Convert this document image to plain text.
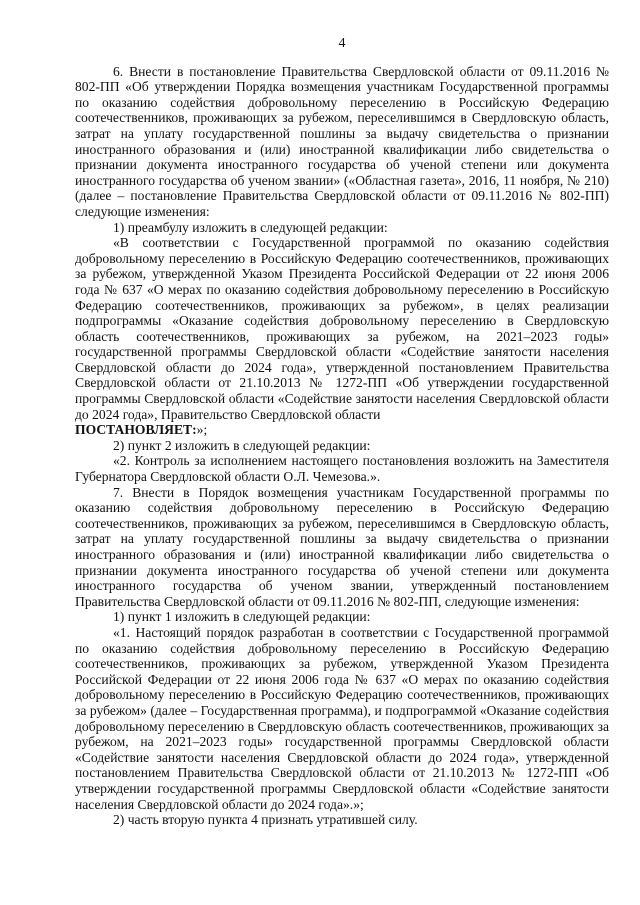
4

6. Внести в постановление Правительства Свердловской области от 09.11.2016 № 802-ПП «Об утверждении Порядка возмещения участникам Государственной программы по оказанию содействия добровольному переселению в Российскую Федерацию соотечественников, проживающих за рубежом, переселившимся в Свердловскую область, затрат на уплату государственной пошлины за выдачу свидетельства о признании иностранного образования и (или) иностранной квалификации либо свидетельства о признании документа иностранного государства об ученой степени или документа иностранного государства об ученом звании» («Областная газета», 2016, 11 ноября, № 210) (далее – постановление Правительства Свердловской области от 09.11.2016 № 802-ПП) следующие изменения:

1) преамбулу изложить в следующей редакции:

«В соответствии с Государственной программой по оказанию содействия добровольному переселению в Российскую Федерацию соотечественников, проживающих за рубежом, утвержденной Указом Президента Российской Федерации от 22 июня 2006 года № 637 «О мерах по оказанию содействия добровольному переселению в Российскую Федерацию соотечественников, проживающих за рубежом», в целях реализации подпрограммы «Оказание содействия добровольному переселению в Свердловскую область соотечественников, проживающих за рубежом, на 2021–2023 годы» государственной программы Свердловской области «Содействие занятости населения Свердловской области до 2024 года», утвержденной постановлением Правительства Свердловской области от 21.10.2013 № 1272-ПП «Об утверждении государственной программы Свердловской области «Содействие занятости населения Свердловской области до 2024 года», Правительство Свердловской области

ПОСТАНОВЛЯЕТ:»;

2) пункт 2 изложить в следующей редакции:

«2. Контроль за исполнением настоящего постановления возложить на Заместителя Губернатора Свердловской области О.Л. Чемезова.».

7. Внести в Порядок возмещения участникам Государственной программы по оказанию содействия добровольному переселению в Российскую Федерацию соотечественников, проживающих за рубежом, переселившимся в Свердловскую область, затрат на уплату государственной пошлины за выдачу свидетельства о признании иностранного образования и (или) иностранной квалификации либо свидетельства о признании документа иностранного государства об ученой степени или документа иностранного государства об ученом звании, утвержденный постановлением Правительства Свердловской области от 09.11.2016 № 802-ПП, следующие изменения:

1) пункт 1 изложить в следующей редакции:

«1. Настоящий порядок разработан в соответствии с Государственной программой по оказанию содействия добровольному переселению в Российскую Федерацию соотечественников, проживающих за рубежом, утвержденной Указом Президента Российской Федерации от 22 июня 2006 года № 637 «О мерах по оказанию содействия добровольному переселению в Российскую Федерацию соотечественников, проживающих за рубежом» (далее – Государственная программа), и подпрограммой «Оказание содействия добровольному переселению в Свердловскую область соотечественников, проживающих за рубежом, на 2021–2023 годы» государственной программы Свердловской области «Содействие занятости населения Свердловской области до 2024 года», утвержденной постановлением Правительства Свердловской области от 21.10.2013 № 1272-ПП «Об утверждении государственной программы Свердловской области «Содействие занятости населения Свердловской области до 2024 года».»;

2) часть вторую пункта 4 признать утратившей силу.
